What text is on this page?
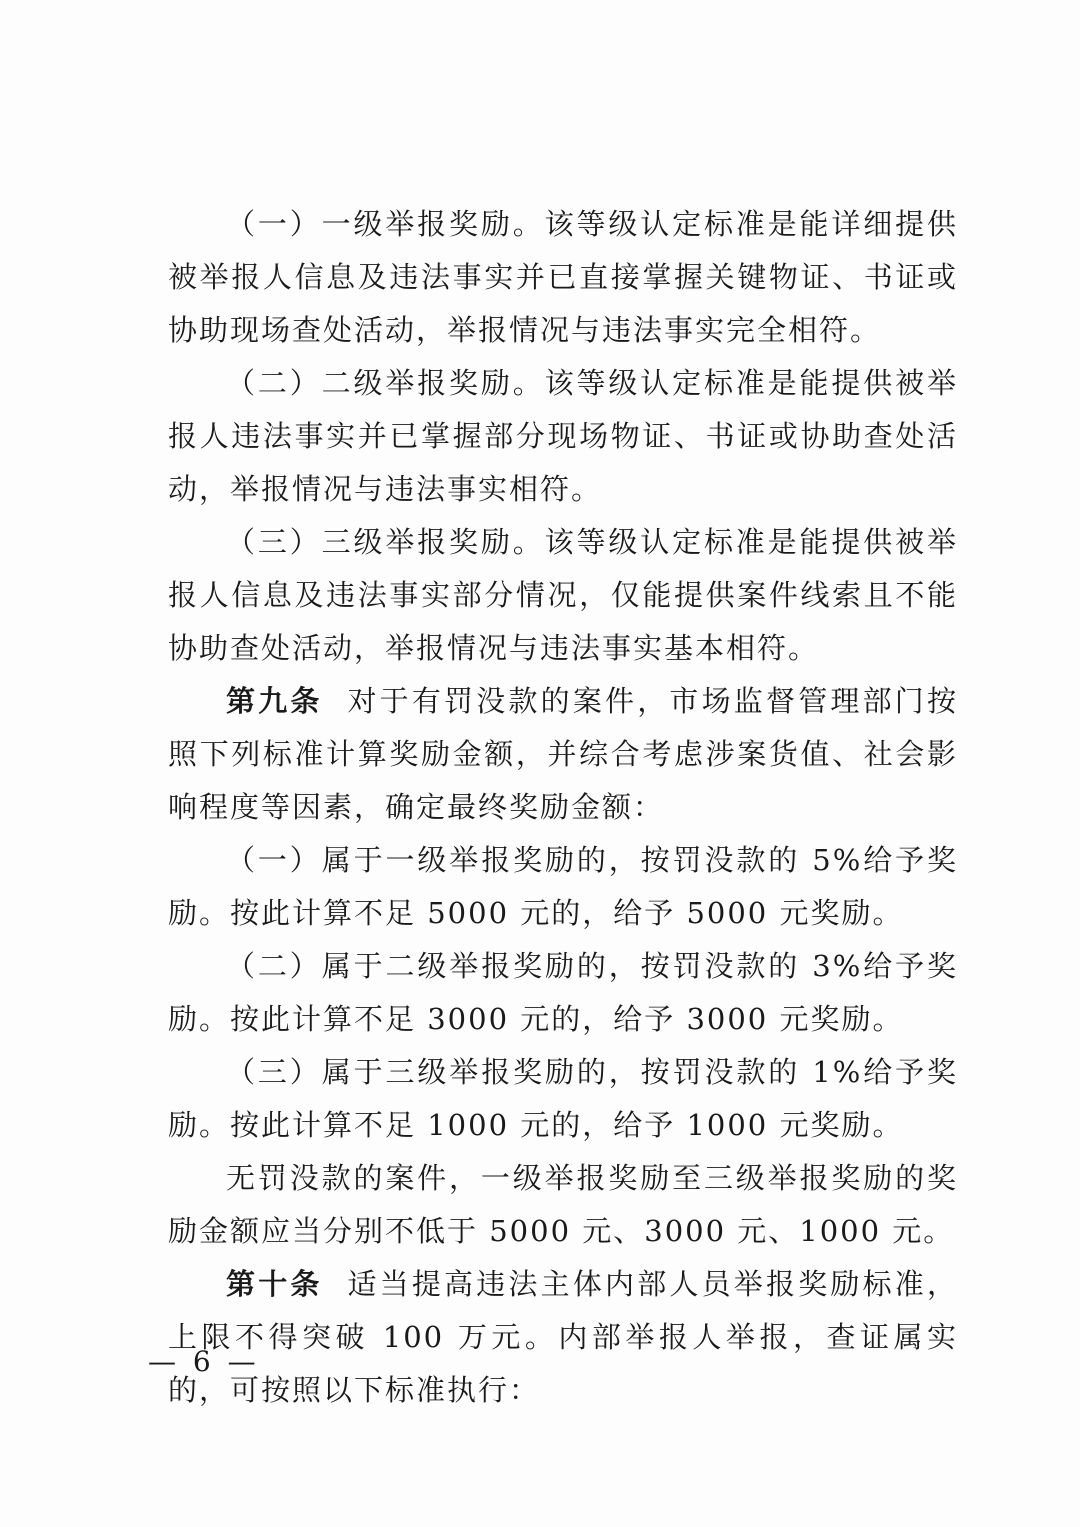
（一）一级举报奖励。该等级认定标准是能详细提供被举报人信息及违法事实并已直接掌握关键物证、书证或协助现场查处活动，举报情况与违法事实完全相符。

（二）二级举报奖励。该等级认定标准是能提供被举报人违法事实并已掌握部分现场物证、书证或协助查处活动，举报情况与违法事实相符。

（三）三级举报奖励。该等级认定标准是能提供被举报人信息及违法事实部分情况，仅能提供案件线索且不能协助查处活动，举报情况与违法事实基本相符。

第九条 对于有罚没款的案件，市场监督管理部门按照下列标准计算奖励金额，并综合考虑涉案货值、社会影响程度等因素，确定最终奖励金额：

（一）属于一级举报奖励的，按罚没款的 5%给予奖励。按此计算不足 5000 元的，给予 5000 元奖励。

（二）属于二级举报奖励的，按罚没款的 3%给予奖励。按此计算不足 3000 元的，给予 3000 元奖励。

（三）属于三级举报奖励的，按罚没款的 1%给予奖励。按此计算不足 1000 元的，给予 1000 元奖励。

无罚没款的案件，一级举报奖励至三级举报奖励的奖励金额应当分别不低于 5000 元、3000 元、1000 元。

第十条 适当提高违法主体内部人员举报奖励标准，上限不得突破 100 万元。内部举报人举报，查证属实的，可按照以下标准执行：

— 6 —
